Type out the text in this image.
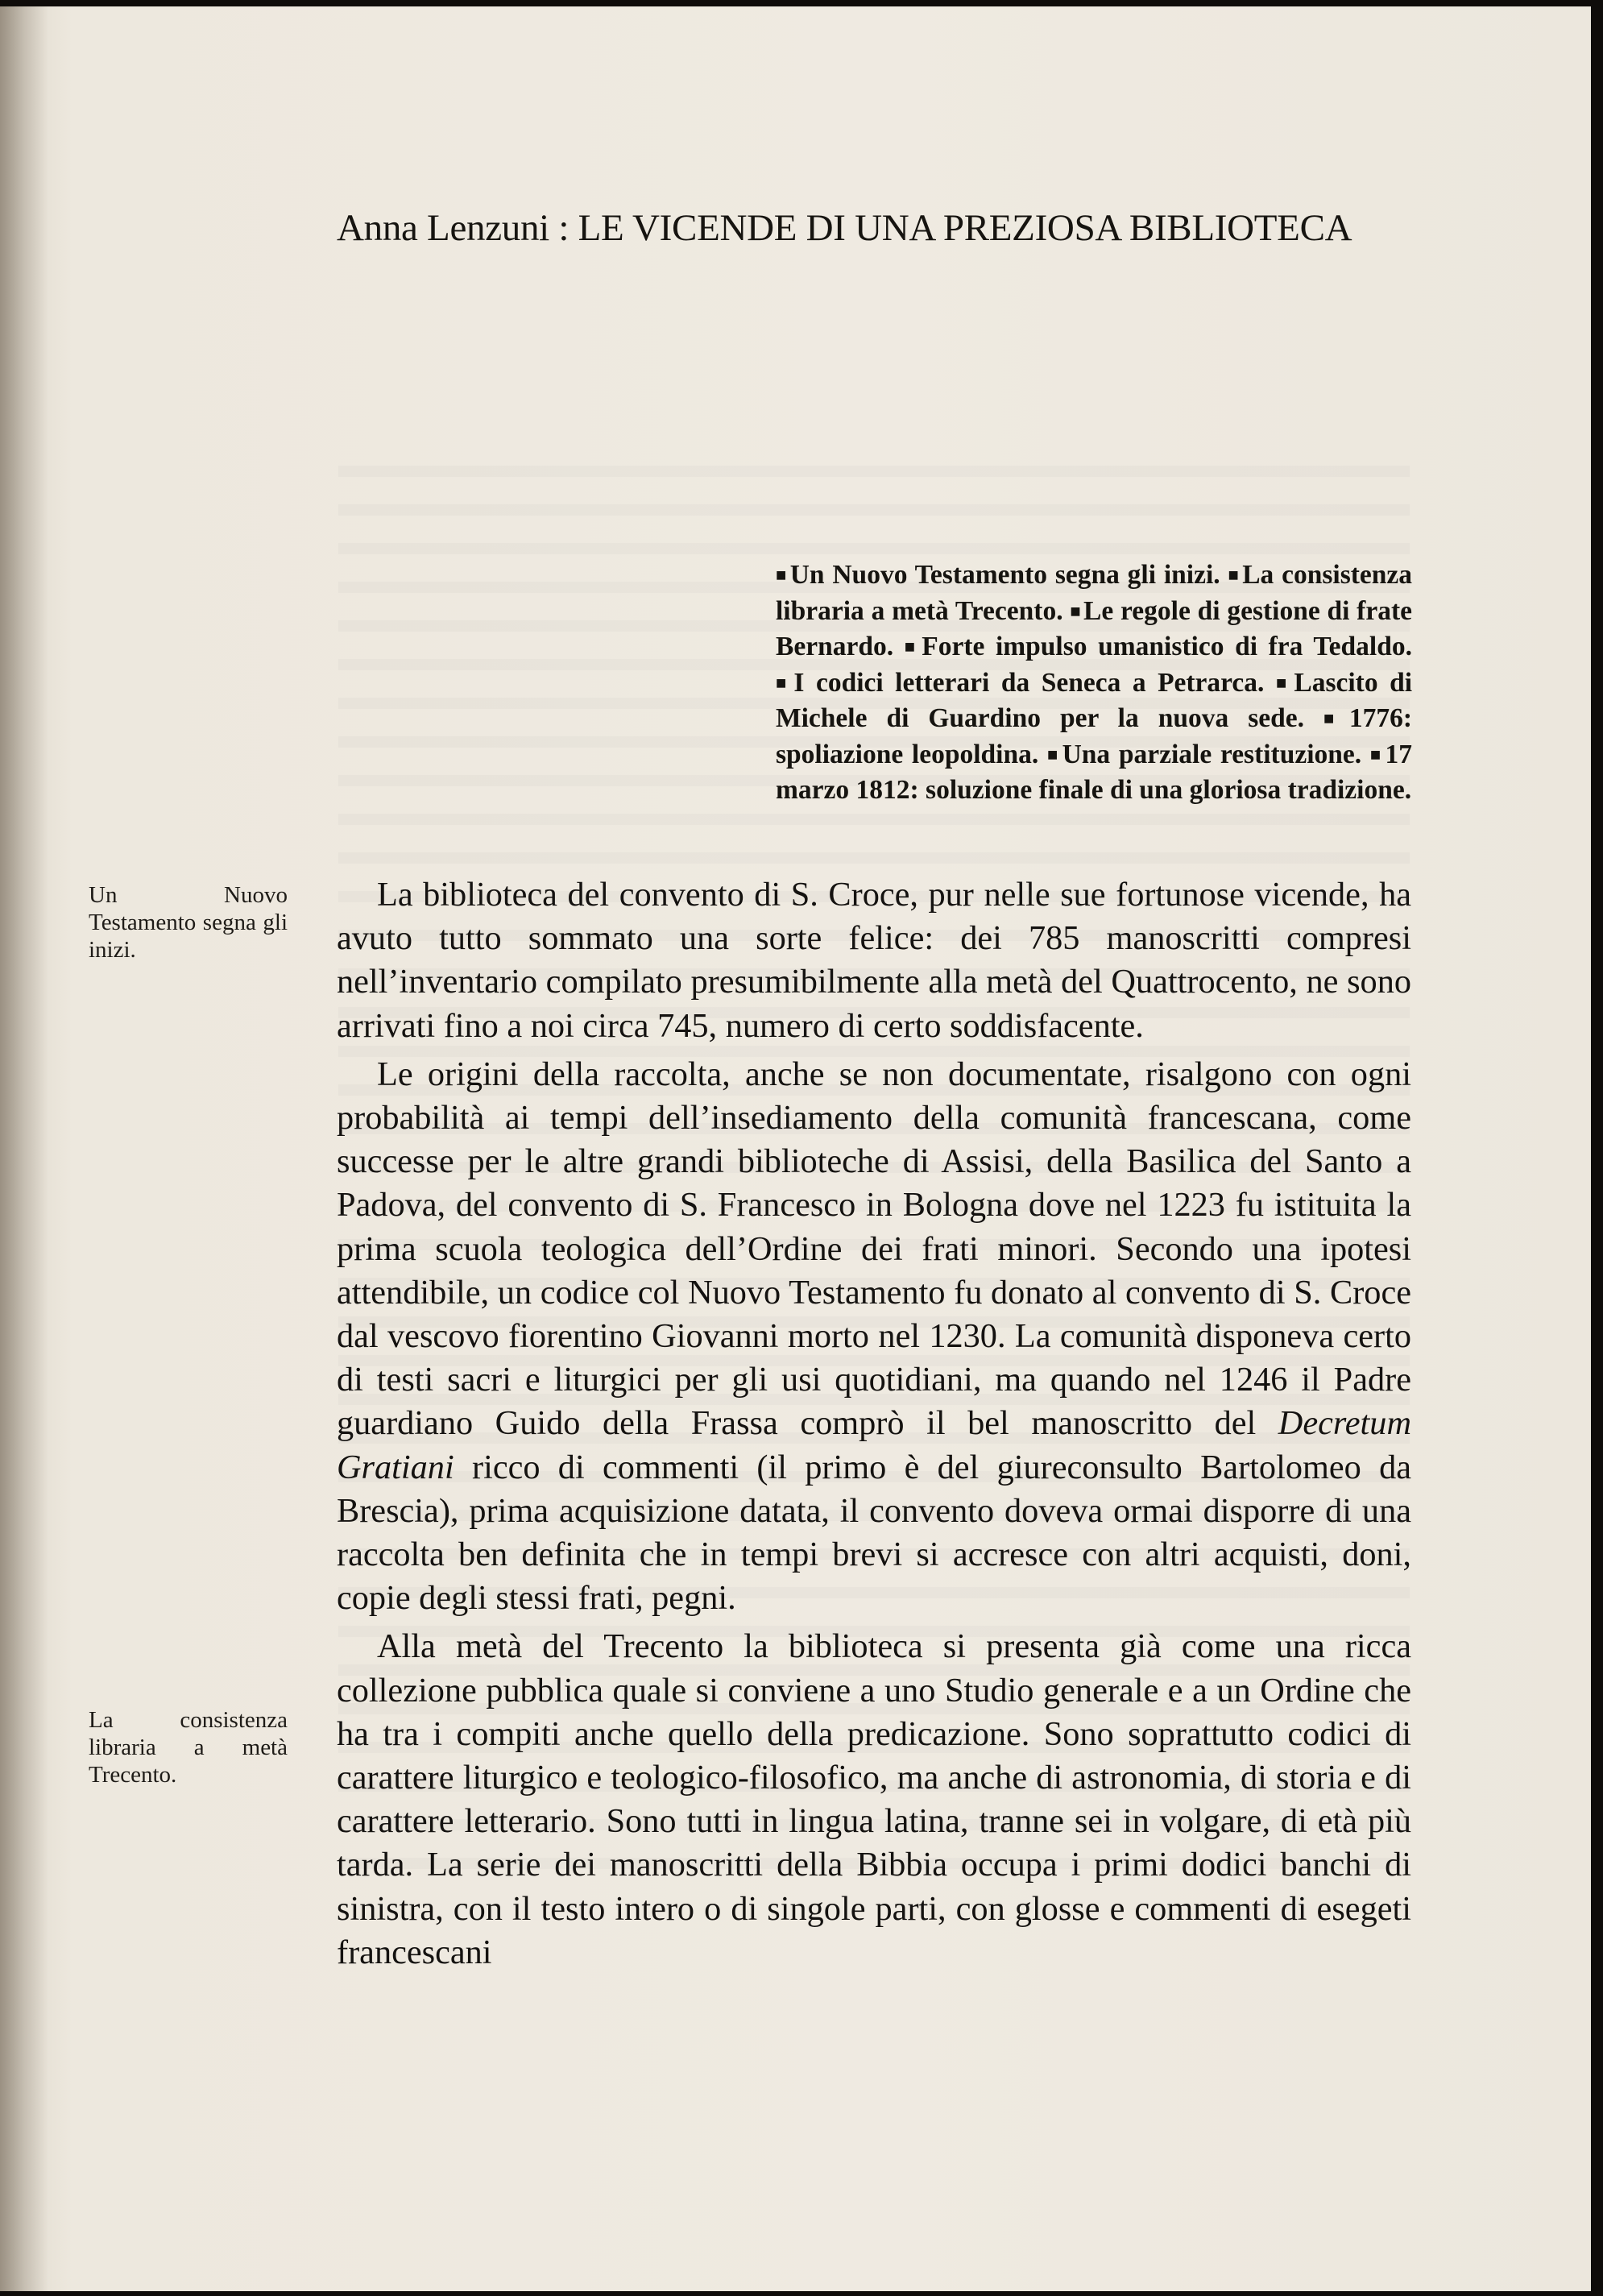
Anna Lenzuni : LE VICENDE DI UNA PREZIOSA BIBLIOTECA
■Un Nuovo Testamento segna gli inizi. ■La consistenza libraria a metà Trecento. ■Le regole di gestione di frate Bernardo. ■Forte impulso umanistico di fra Tedaldo. ■I codici letterari da Seneca a Petrarca. ■Lascito di Michele di Guardino per la nuova sede. ■1776: spoliazione leopoldina. ■Una parziale restituzione. ■17 marzo 1812: soluzione finale di una gloriosa tradizione.
Un Nuovo Testamento segna gli inizi.
La consistenza libraria a metà Trecento.

La biblioteca del convento di S. Croce, pur nelle sue fortunose vicende, ha avuto tutto sommato una sorte felice: dei 785 manoscritti compresi nell’inventario compilato presumibilmente alla metà del Quattrocento, ne sono arrivati fino a noi circa 745, numero di certo soddisfacente.

Le origini della raccolta, anche se non documentate, risalgono con ogni probabilità ai tempi dell’insediamento della comunità francescana, come successe per le altre grandi biblioteche di Assisi, della Basilica del Santo a Padova, del convento di S. Francesco in Bologna dove nel 1223 fu istituita la prima scuola teologica dell’Ordine dei frati minori. Secondo una ipotesi attendibile, un codice col Nuovo Testamento fu donato al convento di S. Croce dal vescovo fiorentino Giovanni morto nel 1230. La comunità disponeva certo di testi sacri e liturgici per gli usi quotidiani, ma quando nel 1246 il Padre guardiano Guido della Frassa comprò il bel manoscritto del Decretum Gratiani ricco di commenti (il primo è del giureconsulto Bartolomeo da Brescia), prima acquisizione datata, il convento doveva ormai disporre di una raccolta ben definita che in tempi brevi si accresce con altri acquisti, doni, copie degli stessi frati, pegni.

Alla metà del Trecento la biblioteca si presenta già come una ricca collezione pubblica quale si conviene a uno Studio generale e a un Ordine che ha tra i compiti anche quello della predicazione. Sono soprattutto codici di carattere liturgico e teologico-filosofico, ma anche di astronomia, di storia e di carattere letterario. Sono tutti in lingua latina, tranne sei in volgare, di età più tarda. La serie dei manoscritti della Bibbia occupa i primi dodici banchi di sinistra, con il testo intero o di singole parti, con glosse e commenti di esegeti francescani
